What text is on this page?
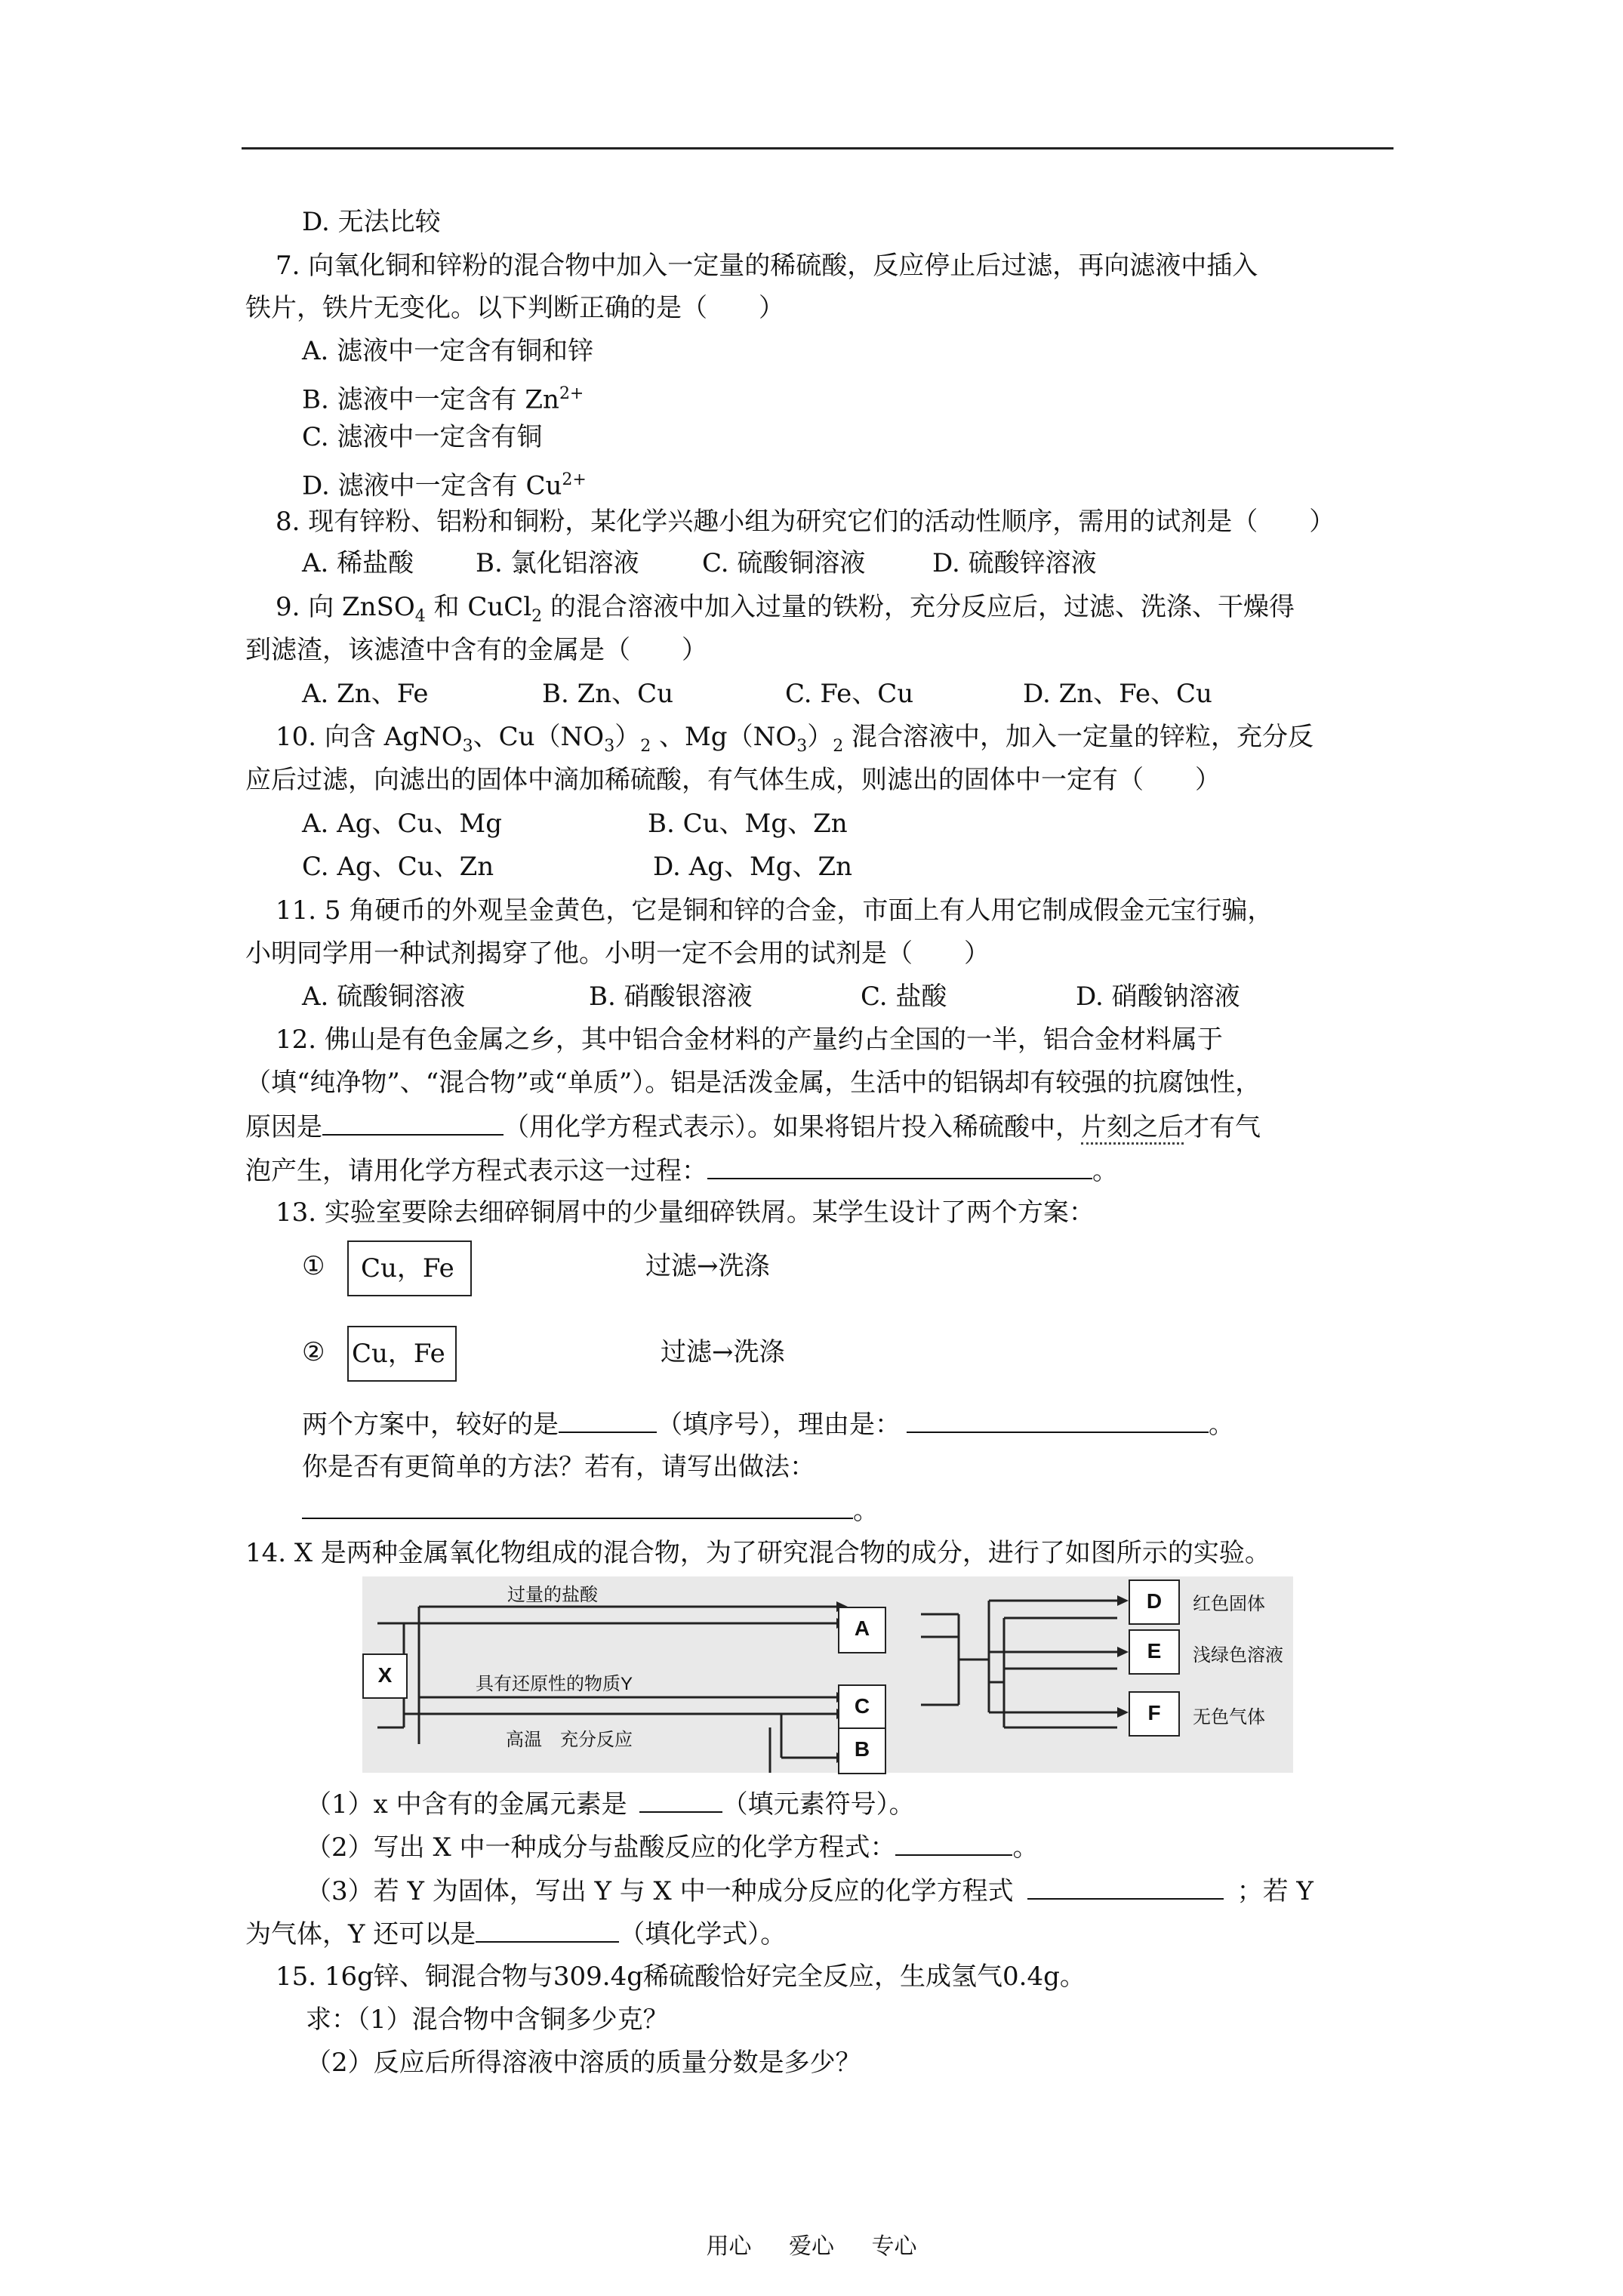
D. 无法比较
7. 向氧化铜和锌粉的混合物中加入一定量的稀硫酸，反应停止后过滤，再向滤液中插入
铁片，铁片无变化。以下判断正确的是（　　）
A. 滤液中一定含有铜和锌
B. 滤液中一定含有 $Zn^{2+}$
C. 滤液中一定含有铜
D. 滤液中一定含有 $Cu^{2+}$
8. 现有锌粉、铝粉和铜粉，某化学兴趣小组为研究它们的活动性顺序，需用的试剂是（　　）
A. 稀盐酸 B. 氯化铝溶液 C. 硫酸铜溶液	D. 硫酸锌溶液
9. 向 ZnSO$_4$ 和 CuCl$_2$ 的混合溶液中加入过量的铁粉，充分反应后，过滤、洗涤、干燥得
到滤渣，该滤渣中含有的金属是（　　）
A. Zn、Fe	B. Zn、Cu	C. Fe、Cu	D. Zn、Fe、Cu
10. 向含 AgNO$_3$、$Cu(NO_3)_2$ 、$Mg(NO_3)_2$ 混合溶液中，加入一定量的锌粒，充分反
应后过滤，向滤出的固体中滴加稀硫酸，有气体生成，则滤出的固体中一定有（　　）
A. Ag、Cu、Mg	B. Cu、Mg、Zn
C. Ag、Cu、Zn	D. Ag、Mg、Zn
11. 5 角硬币的外观呈金黄色，它是铜和锌的合金，市面上有人用它制成假金元宝行骗，
小明同学用一种试剂揭穿了他。小明一定不会用的试剂是（　　）
A. 硫酸铜溶液	B. 硝酸银溶液	C. 盐酸	D. 硝酸钠溶液
12. 佛山是有色金属之乡，其中铝合金材料的产量约占全国的一半，铝合金材料属于
（填“纯净物”、“混合物”或“单质”）。铝是活泼金属，生活中的铝锅却有较强的抗腐蚀性，
原因是	（用化学方程式表示）。如果将铝片投入稀硫酸中，片刻之后才有气
泡产生，请用化学方程式表示这一过程：	。
13. 实验室要除去细碎铜屑中的少量细碎铁屑。某学生设计了两个方案：
①	Cu，Fe	过滤→洗涤
② Cu，Fe	过滤→洗涤
两个方案中，较好的是	（填序号），理由是：	。
你是否有更简单的方法？若有，请写出做法：
。
14. X 是两种金属氧化物组成的混合物，为了研究混合物的成分，进行了如图所示的实验。
X
A
C
B
D
E
F
过量的盐酸
具有还原性的物质Y
高温　充分反应
红色固体
浅绿色溶液
无色气体
（1）x 中含有的金属元素是	（填元素符号）。
（2）写出 X 中一种成分与盐酸反应的化学方程式：	。
（3）若 Y 为固体，写出 Y 与 X 中一种成分反应的化学方程式	；若 Y
为气体，Y 还可以是	（填化学式）。
15. 16g锌、铜混合物与309.4g稀硫酸恰好完全反应，生成氢气0.4g。
求：（1）混合物中含铜多少克？
（2）反应后所得溶液中溶质的质量分数是多少？
用心 爱心 专心
